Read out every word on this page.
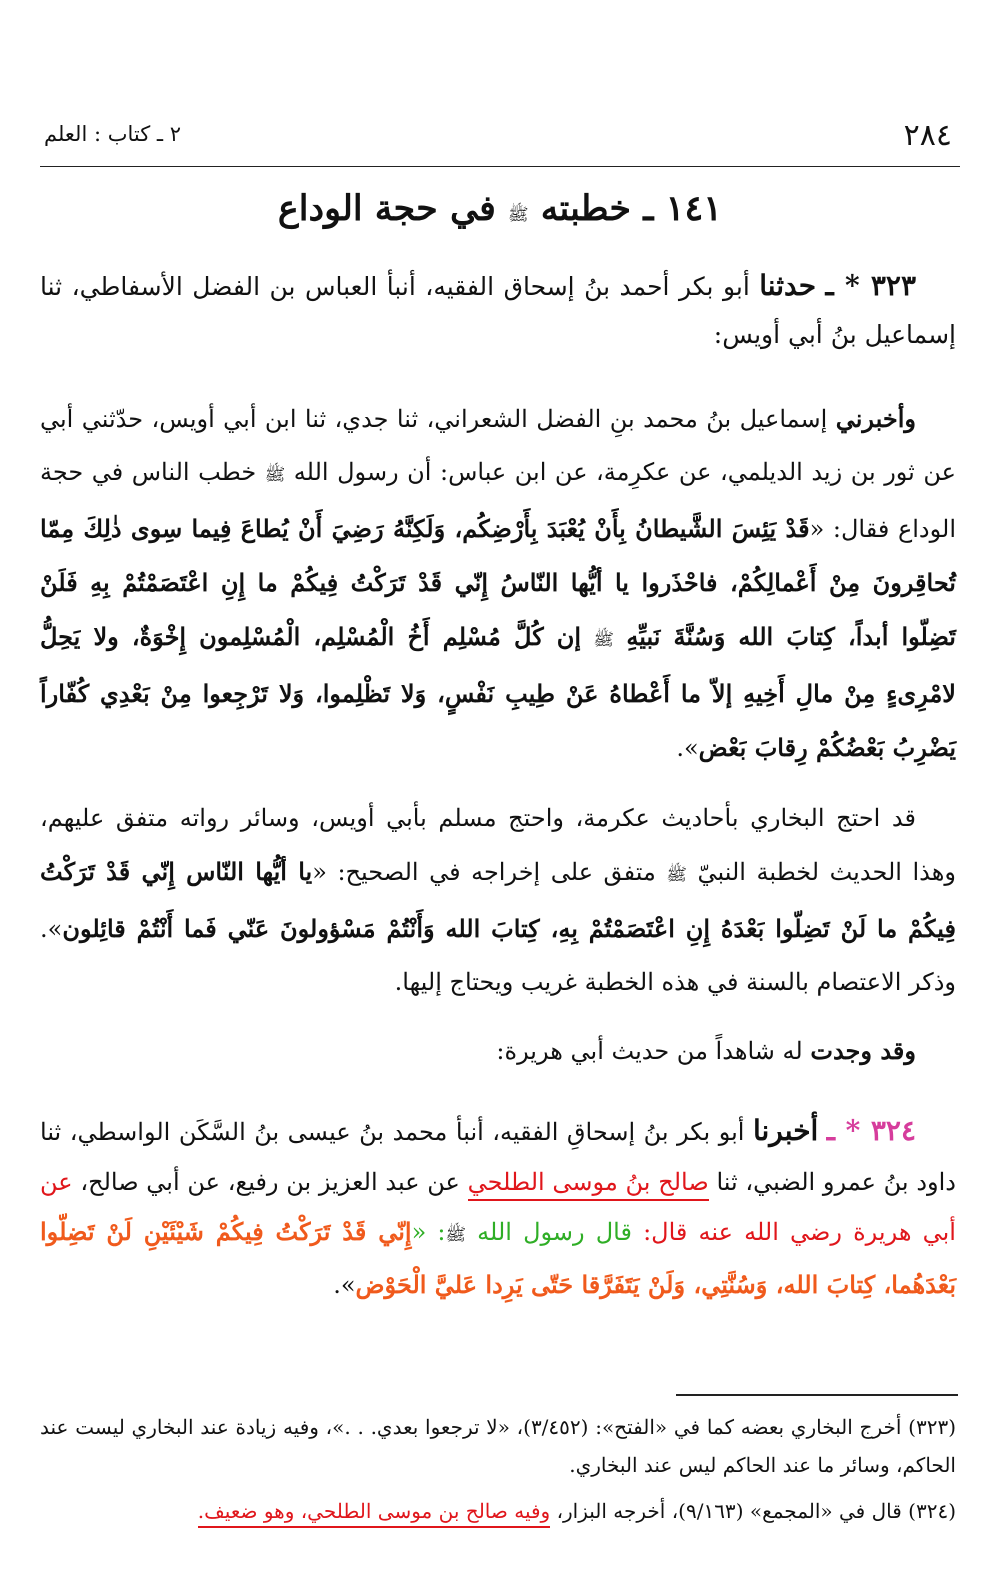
٢٨٤
٢ ـ كتاب : العلم
١٤١ ـ خطبته ﷺ في حجة الوداع
٣٢٣ * ـ حدثنا أبو بكر أحمد بنُ إسحاق الفقيه، أنبأ العباس بن الفضل الأسفاطي، ثنا إسماعيل بنُ أبي أويس:
وأخبرني إسماعيل بنُ محمد بنِ الفضل الشعراني، ثنا جدي، ثنا ابن أبي أويس، حدّثني أبي عن ثور بن زيد الديلمي، عن عكرِمة، عن ابن عباس: أن رسول الله ﷺ خطب الناس في حجة الوداع فقال: «قَدْ يَئِسَ الشَّيطانُ بِأَنْ يُعْبَدَ بِأَرْضِكُم، وَلَكِنَّهُ رَضِيَ أَنْ يُطاعَ فِيما سِوى ذٰلِكَ مِمّا تُحاقِرونَ مِنْ أَعْمالِكُمْ، فاحْذَروا يا أيُّها النّاسُ إِنّي قَدْ تَرَكْتُ فِيكُمْ ما إِنِ اعْتَصَمْتُمْ بِهِ فَلَنْ تَضِلّوا أبداً، كِتابَ الله وَسُنَّةَ نَبيِّهِ ﷺ إن كُلَّ مُسْلِم أَخُ الْمُسْلِم، الْمُسْلِمون إِخْوَةٌ، ولا يَحِلُّ لامْرِىءٍ مِنْ مالِ أَخِيهِ إلاّ ما أَعْطاهُ عَنْ طِيبِ نَفْسٍ، وَلا تَظْلِموا، وَلا تَرْجِعوا مِنْ بَعْدِي كُفّاراً يَضْرِبُ بَعْضُكُمْ رِقابَ بَعْض».
قد احتج البخاري بأحاديث عكرمة، واحتج مسلم بأبي أويس، وسائر رواته متفق عليهم، وهذا الحديث لخطبة النبيّ ﷺ متفق على إخراجه في الصحيح: «يا أيُّها النّاس إِنّي قَدْ تَرَكْتُ فِيكُمْ ما لَنْ تَضِلّوا بَعْدَهُ إِنِ اعْتَصَمْتُمْ بِهِ، كِتابَ الله وَأَنْتُمْ مَسْؤولونَ عَنّي فَما أَنْتُمْ قائِلون». وذكر الاعتصام بالسنة في هذه الخطبة غريب ويحتاج إليها.
وقد وجدت له شاهداً من حديث أبي هريرة:
٣٢٤ * ـ أخبرنا أبو بكر بنُ إسحاقِ الفقيه، أنبأ محمد بنُ عيسى بنُ السَّكَن الواسطي، ثنا داود بنُ عمرو الضبي، ثنا صالح بنُ موسى الطلحي عن عبد العزيز بن رفيع، عن أبي صالح، عن أبي هريرة رضي الله عنه قال: قال رسول الله ﷺ: «إِنّي قَدْ تَرَكْتُ فِيكُمْ شَيْئَيْنِ لَنْ تَضِلّوا بَعْدَهُما، كِتابَ الله، وَسُنَّتِي، وَلَنْ يَتَفَرَّقا حَتّى يَرِدا عَليَّ الْحَوْض».
(٣٢٣) أخرج البخاري بعضه كما في «الفتح»: (٣/٤٥٢)، «لا ترجعوا بعدي. . .»، وفيه زيادة عند البخاري ليست عند الحاكم، وسائر ما عند الحاكم ليس عند البخاري.
(٣٢٤) قال في «المجمع» (٩/١٦٣)، أخرجه البزار، وفيه صالح بن موسى الطلحي، وهو ضعيف.
